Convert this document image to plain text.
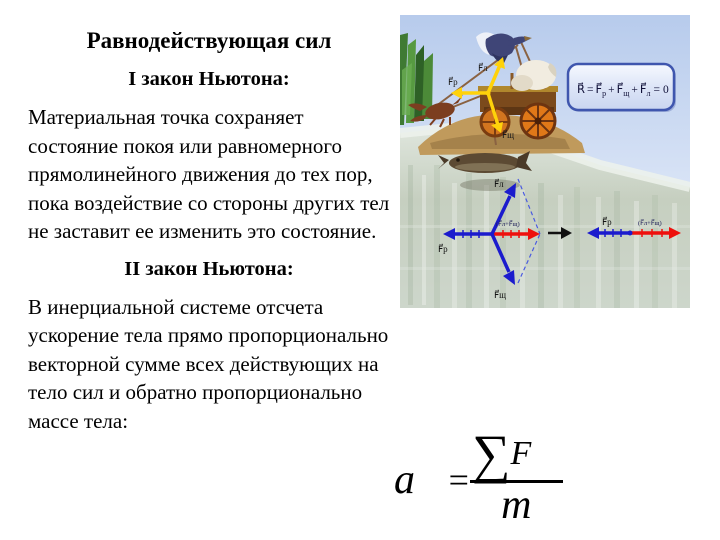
Равнодействующая сил
I закон Ньютона:

Материальная точка сохраняет состояние покоя или равномерного прямолинейного движения до тех пор, пока воздействие со стороны других тел не заставит ее изменить это состояние.

II закон Ньютона:

В инерциальной системе отсчета ускорение тела прямо пропорционально векторной сумме всех действующих на тело сил и обратно пропорционально массе тела:

F⃗л
F⃗р
F⃗щ
R⃗ = $F⃗_р$ + $F⃗_щ$ + $F⃗_л = 0$
F⃗л
F⃗р
F⃗щ
(F⃗л+F⃗щ)	F⃗р	(F⃗л+F⃗щ)
a⃗ = $\frac{\sum F⃗}{m}$
